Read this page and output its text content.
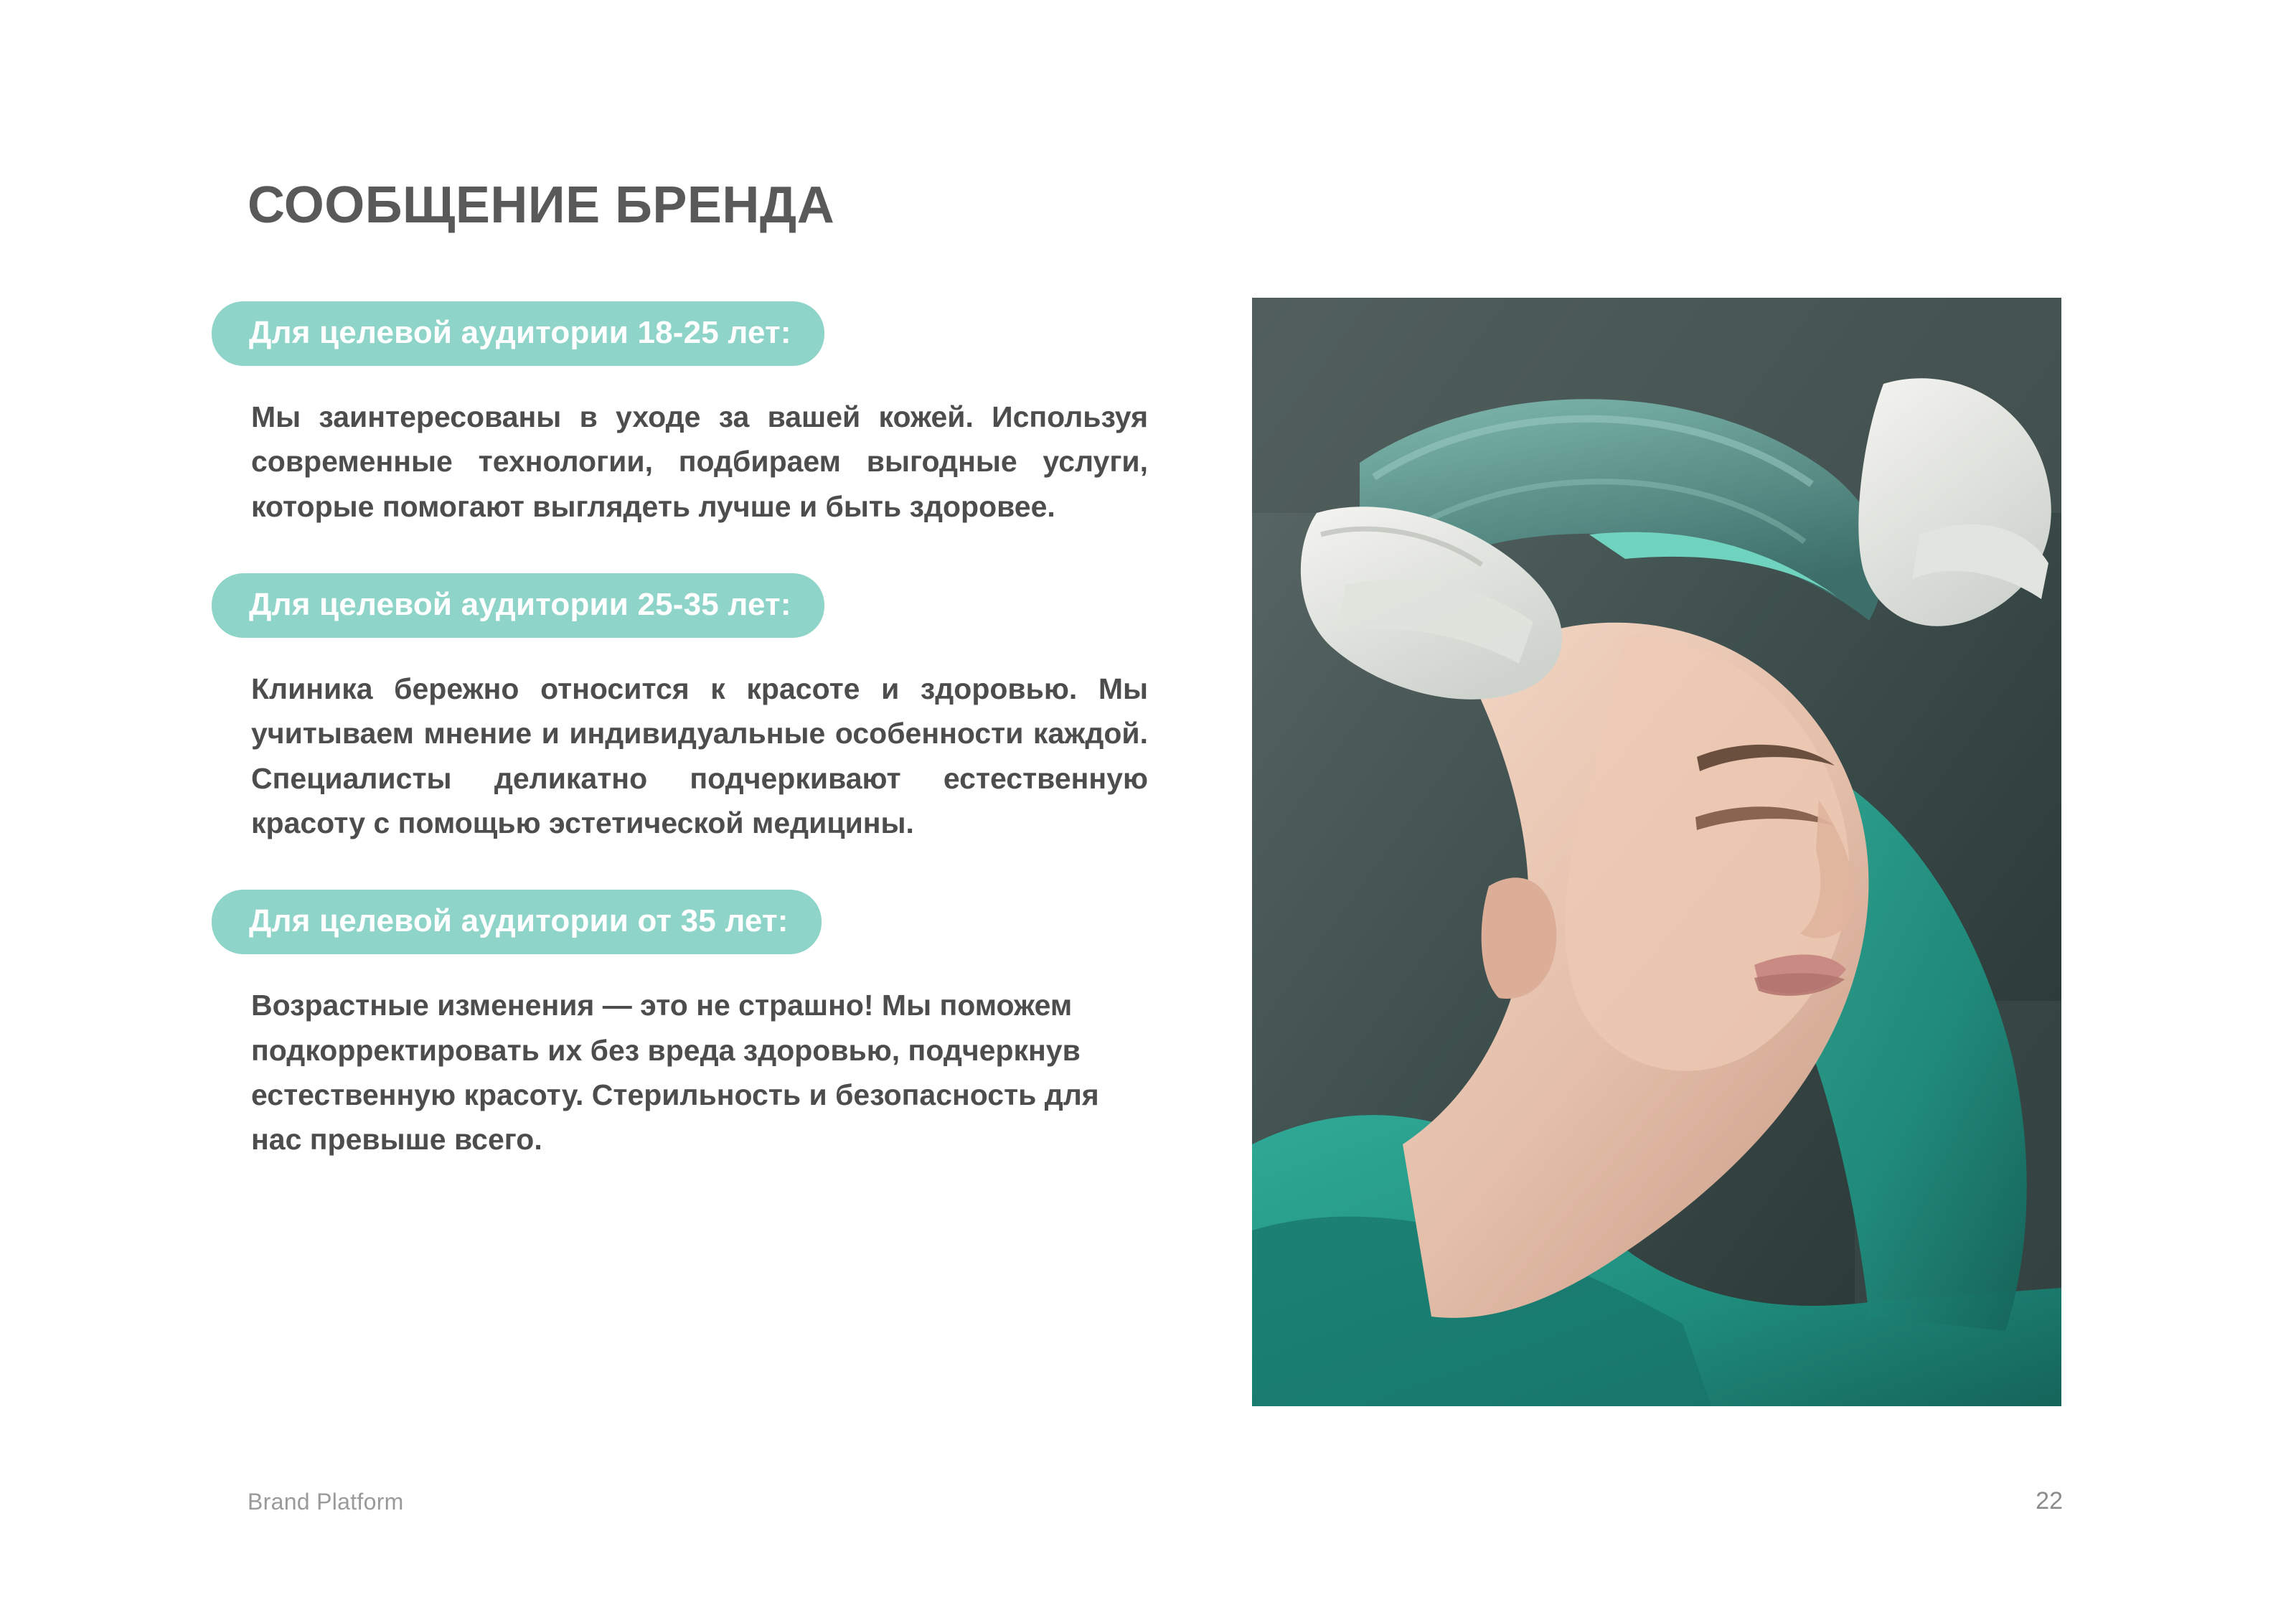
СООБЩЕНИЕ БРЕНДА
Для целевой аудитории 18-25 лет:
Мы заинтересованы в уходе за вашей кожей. Используя современные технологии, подбираем выгодные услуги, которые помогают выглядеть лучше и быть здоровее.
Для целевой аудитории 25-35 лет:
Клиника бережно относится к красоте и здоровью. Мы учитываем мнение и индивидуальные особенности каждой. Специалисты деликатно подчеркивают естественную красоту с помощью эстетической медицины.
Для целевой аудитории от 35 лет:
Возрастные изменения — это не страшно! Мы поможем подкорректировать их без вреда здоровью, подчеркнув естественную красоту. Стерильность и безопасность для нас превыше всего.
Brand Platform	22
